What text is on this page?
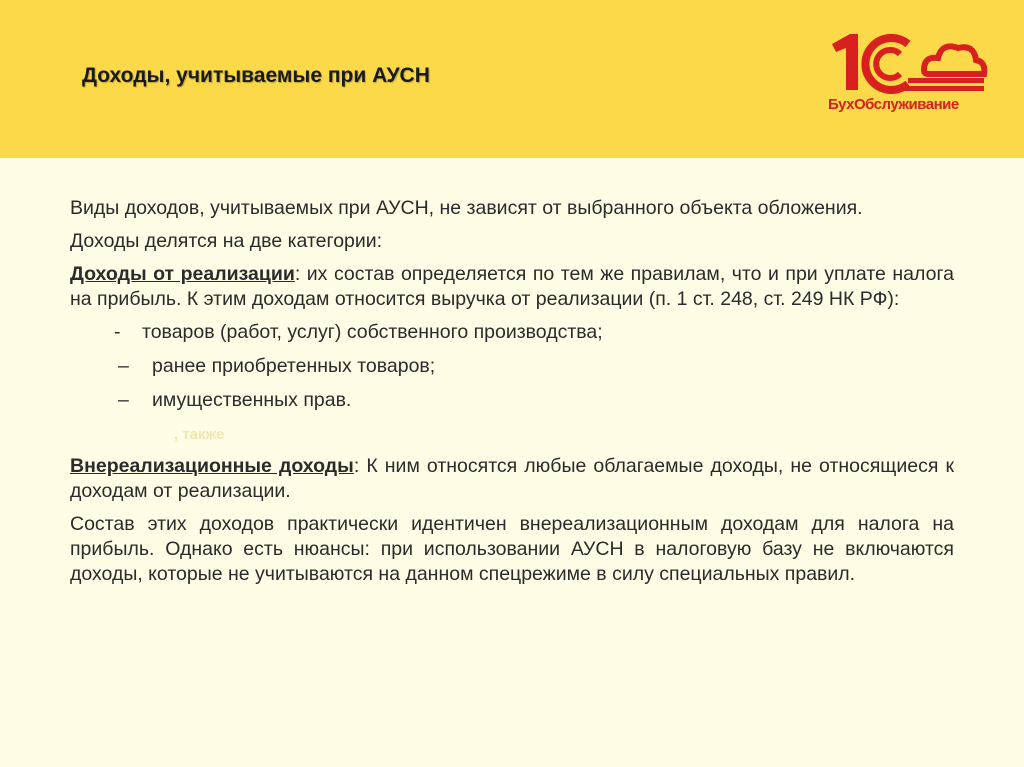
Доходы, учитываемые при АУСН
БухОбслуживание

Виды доходов, учитываемых при АУСН, не зависят от выбранного объекта обложения.

Доходы делятся на две категории:

Доходы от реализации: их состав определяется по тем же правилам, что и при уплате налога на прибыль. К этим доходам относится выручка от реализации (п. 1 ст. 248, ст. 249 НК РФ):

-	товаров (работ, услуг) собственного производства;
–	ранее приобретенных товаров;
–	имущественных прав.
, также

Внереализационные доходы: К ним относятся любые облагаемые доходы, не относящиеся к доходам от реализации.

Состав этих доходов практически идентичен внереализационным доходам для налога на прибыль. Однако есть нюансы: при использовании АУСН в налоговую базу не включаются доходы, которые не учитываются на данном спецрежиме в силу специальных правил.
